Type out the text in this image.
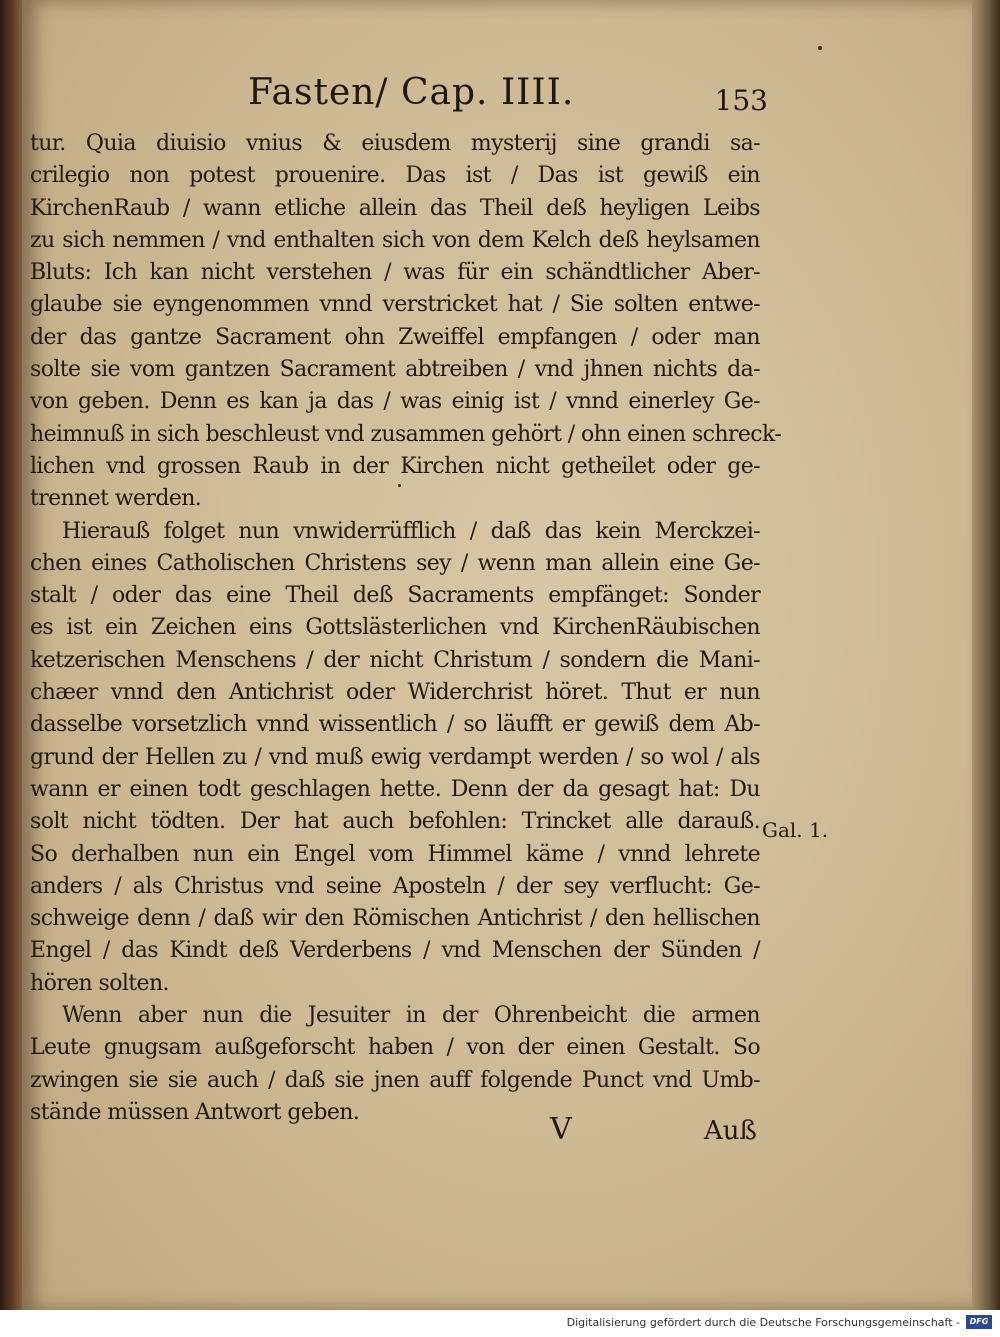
Fasten/ Cap. IIII.	153
tur. Quia diuisio vnius & eiusdem mysterij sine grandi sa-
crilegio non potest prouenire. Das ist / Das ist gewiß ein
KirchenRaub / wann etliche allein das Theil deß heyligen Leibs
zu sich nemmen / vnd enthalten sich von dem Kelch deß heylsamen
Bluts: Ich kan nicht verstehen / was für ein schändtlicher Aber-
glaube sie eyngenommen vnnd verstricket hat / Sie solten entwe-
der das gantze Sacrament ohn Zweiffel empfangen / oder man
solte sie vom gantzen Sacrament abtreiben / vnd jhnen nichts da-
von geben. Denn es kan ja das / was einig ist / vnnd einerley Ge-
heimnuß in sich beschleust vnd zusammen gehört / ohn einen schreck-
lichen vnd grossen Raub in der Kirchen nicht getheilet oder ge-
trennet werden.
Hierauß folget nun vnwiderrüfflich / daß das kein Merckzei-
chen eines Catholischen Christens sey / wenn man allein eine Ge-
stalt / oder das eine Theil deß Sacraments empfänget: Sonder
es ist ein Zeichen eins Gottslästerlichen vnd KirchenRäubischen
ketzerischen Menschens / der nicht Christum / sondern die Mani-
chæer vnnd den Antichrist oder Widerchrist höret. Thut er nun
dasselbe vorsetzlich vnnd wissentlich / so läufft er gewiß dem Ab-
grund der Hellen zu / vnd muß ewig verdampt werden / so wol / als
wann er einen todt geschlagen hette. Denn der da gesagt hat: Du
solt nicht tödten. Der hat auch befohlen: Trincket alle darauß.
So derhalben nun ein Engel vom Himmel käme / vnnd lehrete
anders / als Christus vnd seine Aposteln / der sey verflucht: Ge-
schweige denn / daß wir den Römischen Antichrist / den hellischen
Engel / das Kindt deß Verderbens / vnd Menschen der Sünden /
hören solten.
Wenn aber nun die Jesuiter in der Ohrenbeicht die armen
Leute gnugsam außgeforscht haben / von der einen Gestalt. So
zwingen sie sie auch / daß sie jnen auff folgende Punct vnd Umb-
stände müssen Antwort geben.
Gal. 1.
V	Auß
Digitalisierung gefördert durch die Deutsche Forschungsgemeinschaft -	DFG
